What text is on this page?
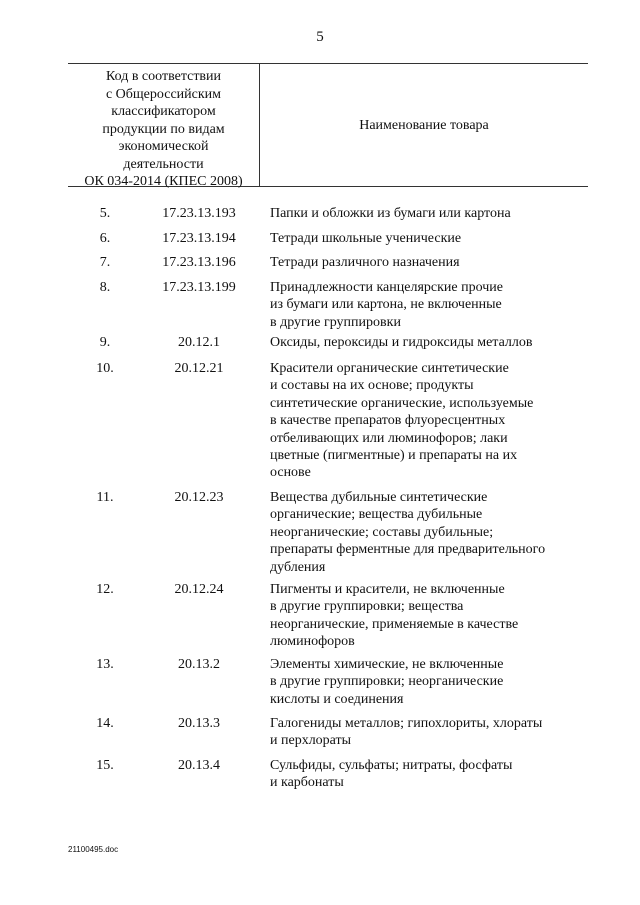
5
Код в соответствии
с Общероссийским
классификатором
продукции по видам
экономической
деятельности
ОК 034-2014 (КПЕС 2008)
Наименование товара
5.	17.23.13.193	Папки и обложки из бумаги или картона
6.	17.23.13.194	Тетради школьные ученические
7.	17.23.13.196	Тетради различного назначения
8.	17.23.13.199	Принадлежности канцелярские прочие
из бумаги или картона, не включенные
в другие группировки
9.	20.12.1	Оксиды, пероксиды и гидроксиды металлов
10.	20.12.21	Красители органические синтетические
и составы на их основе; продукты
синтетические органические, используемые
в качестве препаратов флуоресцентных
отбеливающих или люминофоров; лаки
цветные (пигментные) и препараты на их
основе
11.	20.12.23	Вещества дубильные синтетические
органические; вещества дубильные
неорганические; составы дубильные;
препараты ферментные для предварительного
дубления
12.	20.12.24	Пигменты и красители, не включенные
в другие группировки; вещества
неорганические, применяемые в качестве
люминофоров
13.	20.13.2	Элементы химические, не включенные
в другие группировки; неорганические
кислоты и соединения
14.	20.13.3	Галогениды металлов; гипохлориты, хлораты
и перхлораты
15.	20.13.4	Сульфиды, сульфаты; нитраты, фосфаты
и карбонаты
21100495.doc
